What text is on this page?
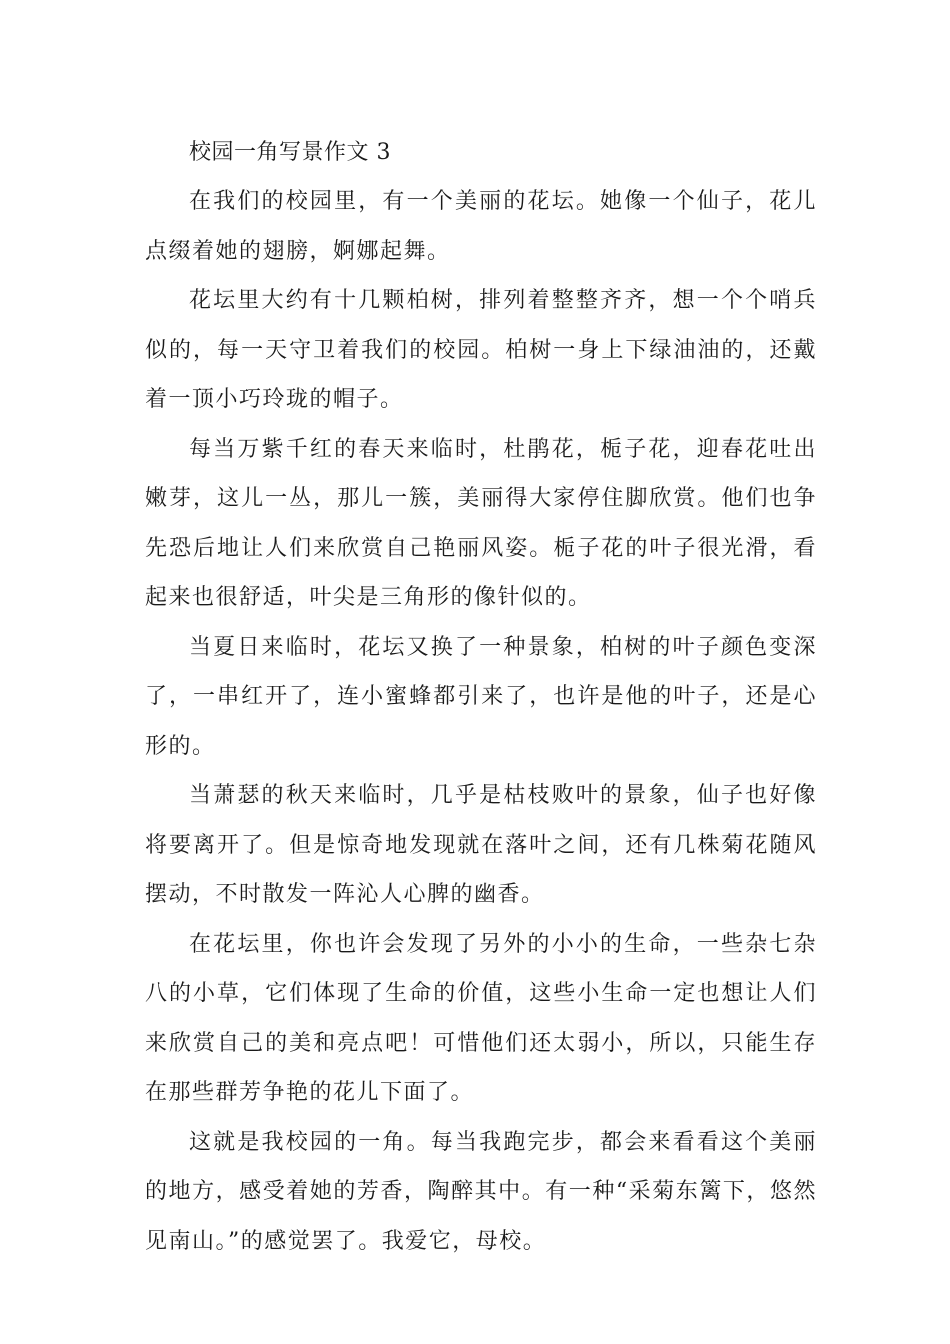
校园一角写景作文 3

在我们的校园里，有一个美丽的花坛。她像一个仙子，花儿点缀着她的翅膀，婀娜起舞。

花坛里大约有十几颗柏树，排列着整整齐齐，想一个个哨兵似的，每一天守卫着我们的校园。柏树一身上下绿油油的，还戴着一顶小巧玲珑的帽子。

每当万紫千红的春天来临时，杜鹃花，栀子花，迎春花吐出嫩芽，这儿一丛，那儿一簇，美丽得大家停住脚欣赏。他们也争先恐后地让人们来欣赏自己艳丽风姿。栀子花的叶子很光滑，看起来也很舒适，叶尖是三角形的像针似的。

当夏日来临时，花坛又换了一种景象，柏树的叶子颜色变深了，一串红开了，连小蜜蜂都引来了，也许是他的叶子，还是心形的。

当萧瑟的秋天来临时，几乎是枯枝败叶的景象，仙子也好像将要离开了。但是惊奇地发现就在落叶之间，还有几株菊花随风摆动，不时散发一阵沁人心脾的幽香。

在花坛里，你也许会发现了另外的小小的生命，一些杂七杂八的小草，它们体现了生命的价值，这些小生命一定也想让人们来欣赏自己的美和亮点吧！可惜他们还太弱小，所以，只能生存在那些群芳争艳的花儿下面了。

这就是我校园的一角。每当我跑完步，都会来看看这个美丽的地方，感受着她的芳香，陶醉其中。有一种“采菊东篱下，悠然见南山。”的感觉罢了。我爱它，母校。
